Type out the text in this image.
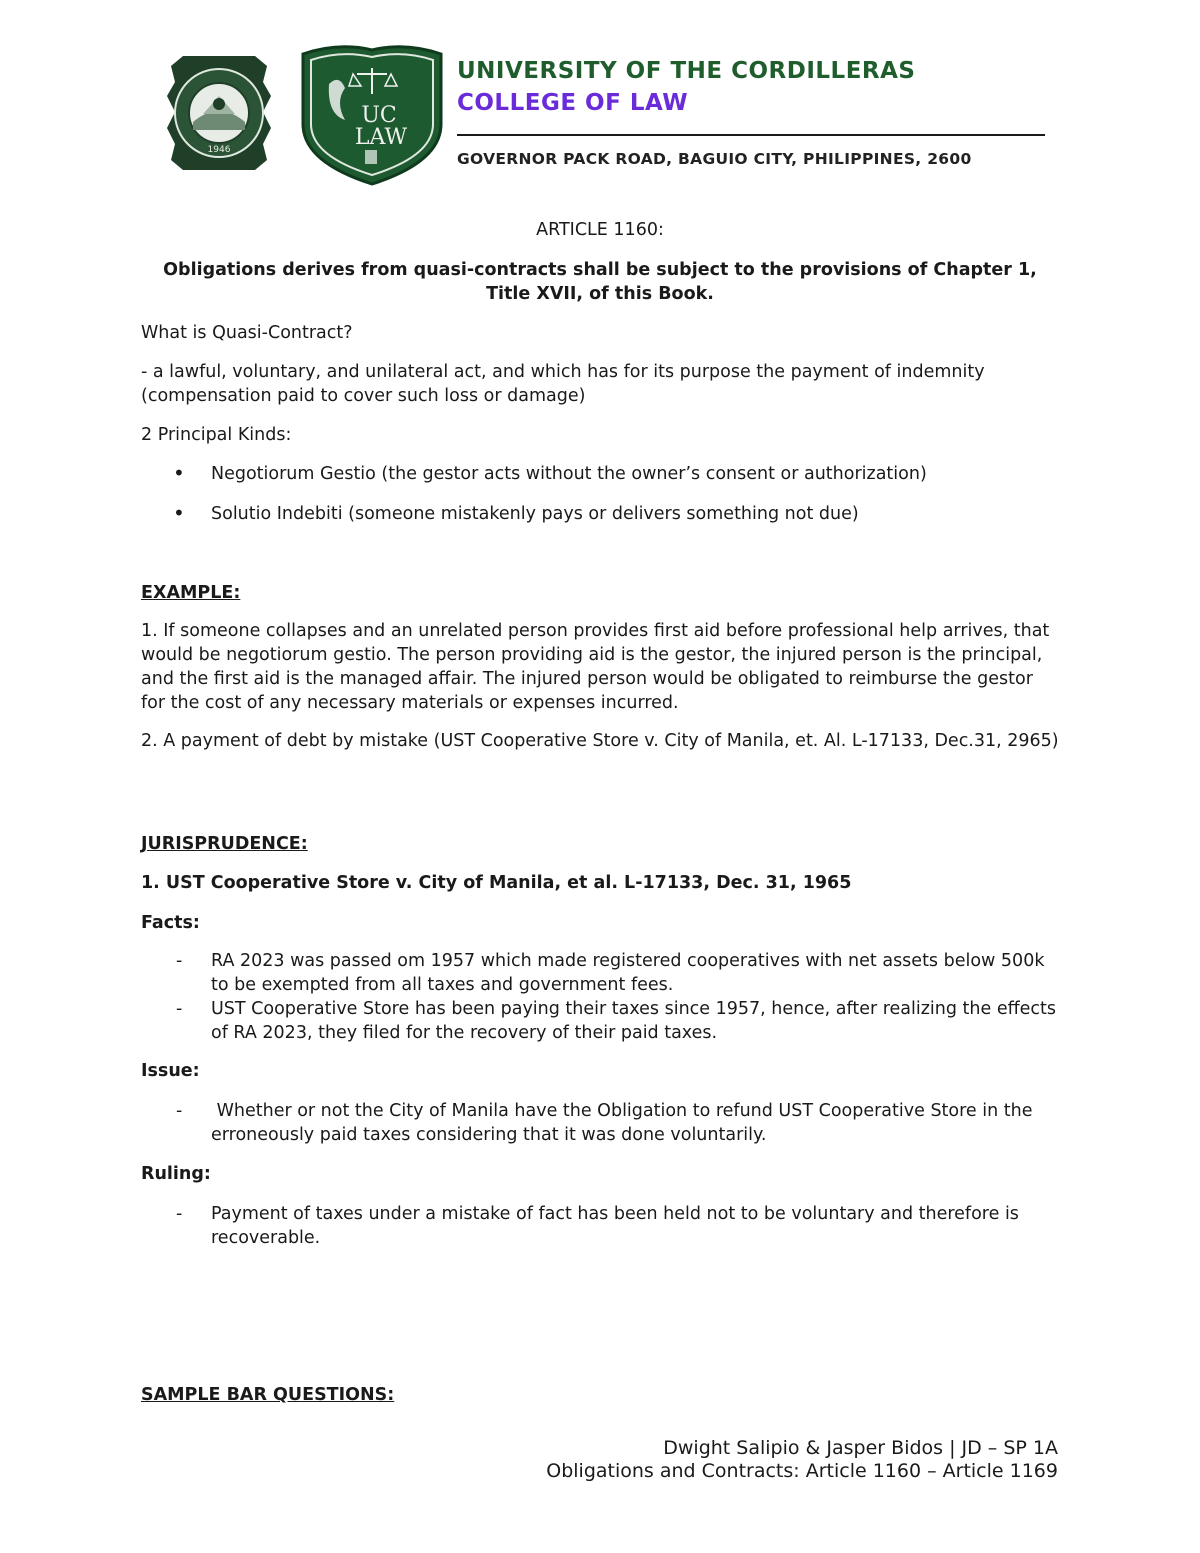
1946
UC
LAW
UNIVERSITY OF THE CORDILLERAS
COLLEGE OF LAW
GOVERNOR PACK ROAD, BAGUIO CITY, PHILIPPINES, 2600

ARTICLE 1160:

Obligations derives from quasi-contracts shall be subject to the provisions of Chapter 1,

Title XVII, of this Book.

What is Quasi-Contract?

- a lawful, voluntary, and unilateral act, and which has for its purpose the payment of indemnity (compensation paid to cover such loss or damage)

2 Principal Kinds:

• Negotiorum Gestio (the gestor acts without the owner’s consent or authorization)

• Solutio Indebiti (someone mistakenly pays or delivers something not due)

EXAMPLE:

1. If someone collapses and an unrelated person provides first aid before professional help arrives, that would be negotiorum gestio. The person providing aid is the gestor, the injured person is the principal, and the first aid is the managed affair. The injured person would be obligated to reimburse the gestor for the cost of any necessary materials or expenses incurred.

2. A payment of debt by mistake (UST Cooperative Store v. City of Manila, et. Al. L-17133, Dec.31, 2965)

JURISPRUDENCE:

1. UST Cooperative Store v. City of Manila, et al. L-17133, Dec. 31, 1965

Facts:

- RA 2023 was passed om 1957 which made registered cooperatives with net assets below 500k to be exempted from all taxes and government fees.

- UST Cooperative Store has been paying their taxes since 1957, hence, after realizing the effects of RA 2023, they filed for the recovery of their paid taxes.

Issue:

- Whether or not the City of Manila have the Obligation to refund UST Cooperative Store in the erroneously paid taxes considering that it was done voluntarily.

Ruling:

- Payment of taxes under a mistake of fact has been held not to be voluntary and therefore is recoverable.

SAMPLE BAR QUESTIONS:

Dwight Salipio & Jasper Bidos | JD – SP 1A
Obligations and Contracts: Article 1160 – Article 1169
